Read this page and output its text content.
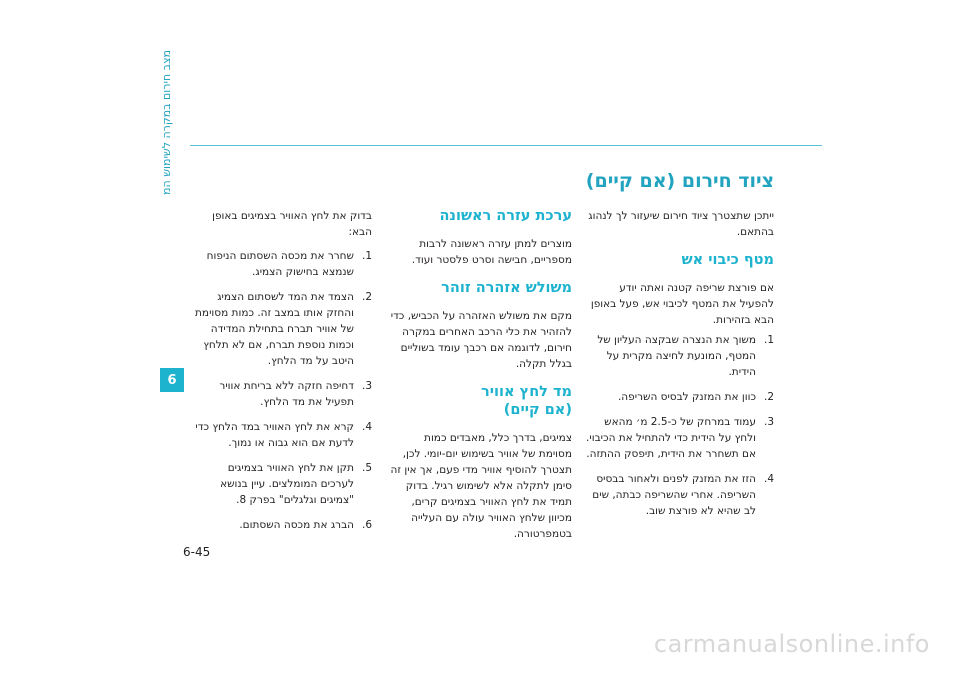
מצב חירום במקרה לשימוש המ
6
ציוד חירום (אם קיים)

ייתכן שתצטרך ציוד חירום שיעזור לך לנהוג בהתאם.

מטף כיבוי אש

אם פורצת שריפה קטנה ואתה יודע להפעיל את המטף לכיבוי אש, פעל באופן הבא בזהירות.

1.
משוך את הנצרה שבקצה העליון של המטף, המונעת לחיצה מקרית על הידית.
2.
כוון את המזנק לבסיס השריפה.
3.
עמוד במרחק של כ-2.5 מ׳ מהאש ולחץ על הידית כדי להתחיל את הכיבוי. אם תשחרר את הידית, תיפסק ההתזה.
4.
הזז את המזנק לפנים ולאחור בבסיס השריפה. אחרי שהשריפה כבתה, שים לב שהיא לא פורצת שוב.
ערכת עזרה ראשונה

מוצרים למתן עזרה ראשונה לרבות מספריים, חבישה וסרט פלסטר ועוד.

משולש אזהרה זוהר

מקם את משולש האזהרה על הכביש, כדי להזהיר את כלי הרכב האחרים במקרה חירום, לדוגמה אם רכבך עומד בשוליים בגלל תקלה.

מד לחץ אוויר
(אם קיים)

צמיגים, בדרך כלל, מאבדים כמות מסוימת של אוויר בשימוש יום-יומי. לכן, תצטרך להוסיף אוויר מדי פעם, אך אין זה סימן לתקלה אלא לשימוש רגיל. בדוק תמיד את לחץ האוויר בצמיגים קרים, מכיוון שלחץ האוויר עולה עם העלייה בטמפרטורה.

בדוק את לחץ האוויר בצמיגים באופן הבא:

1.
שחרר את מכסה השסתום הניפוח שנמצא בחישוק הצמיג.
2.
הצמד את המד לשסתום הצמיג והחזק אותו במצב זה. כמות מסוימת של אוויר תברח בתחילת המדידה וכמות נוספת תברח, אם לא תלחץ היטב על מד הלחץ.
3.
דחיפה חזקה ללא בריחת אוויר תפעיל את מד הלחץ.
4.
קרא את לחץ האוויר במד הלחץ כדי לדעת אם הוא גבוה או נמוך.
5.
תקן את לחץ האוויר בצמיגים לערכים המומלצים. עיין בנושא "צמיגים וגלגלים" בפרק 8.
6.
הברג את מכסה השסתום.
6-45
carmanualsonline.info
